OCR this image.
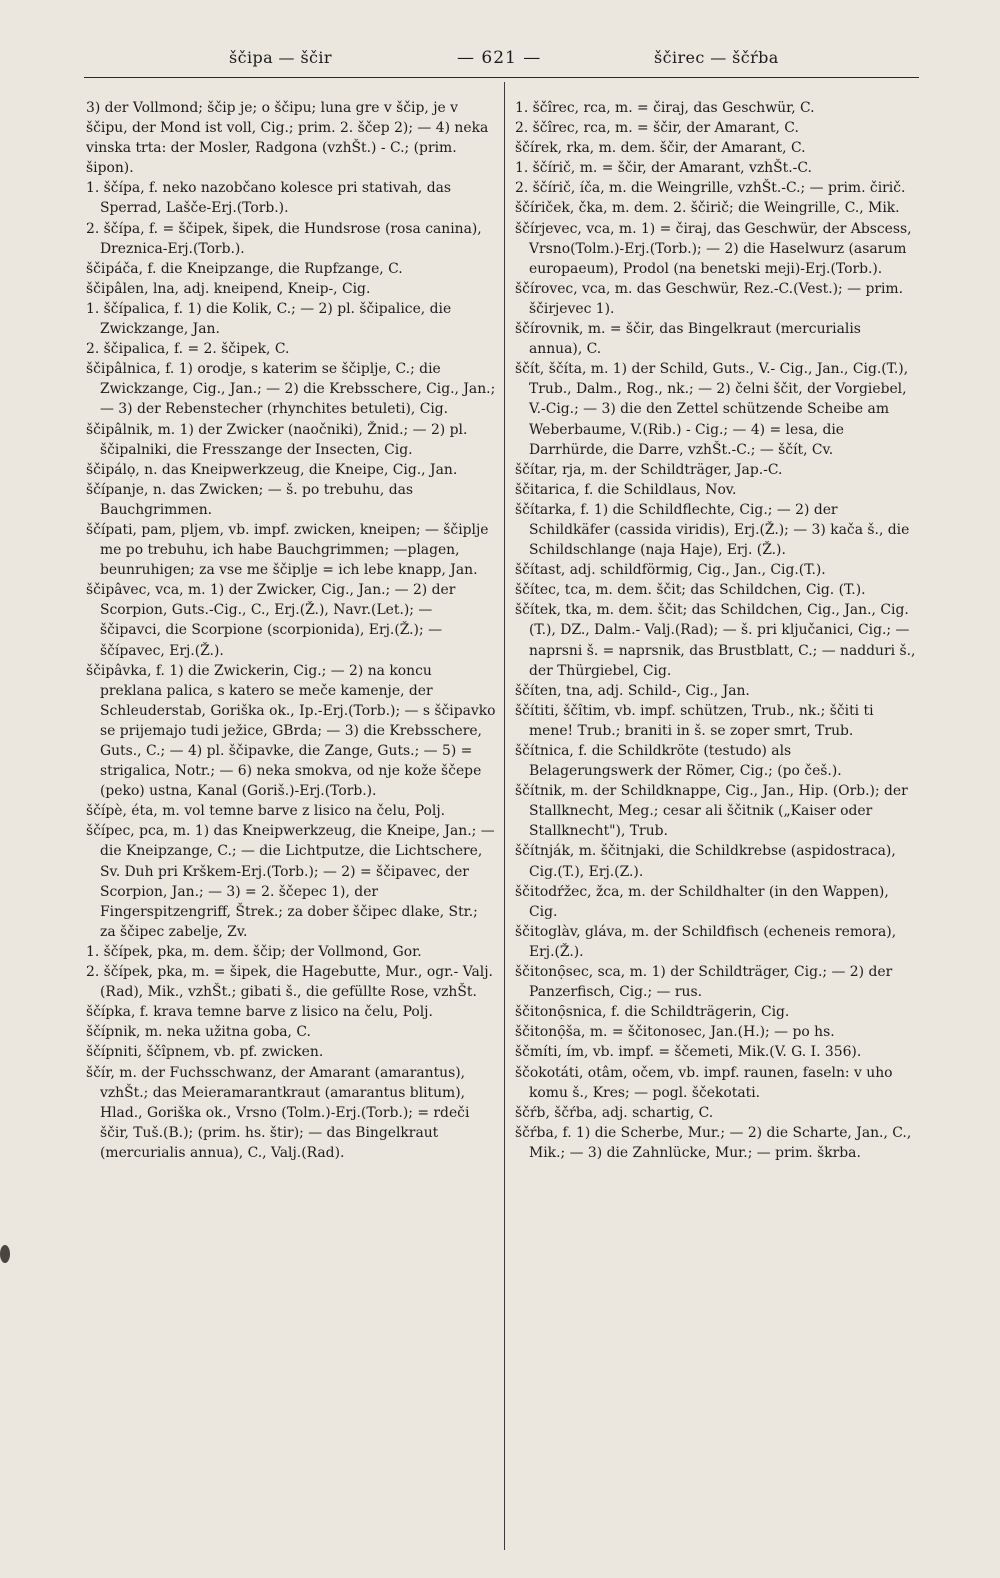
ščipa — ščir	— 621 —	ščirec — ščŕba

3) der Vollmond; ščip je; o ščipu; luna gre v ščip, je v ščipu, der Mond ist voll, Cig.; prim. 2. ščep 2); — 4) neka vinska trta: der Mosler, Radgona (vzhŠt.) - C.; (prim. šipon).

1. ščípa, f. neko nazobčano kolesce pri stativah, das Sperrad, Lašče-Erj.(Torb.).

2. ščípa, f. = ščipek, šipek, die Hundsrose (rosa canina), Dreznica-Erj.(Torb.).

ščipáča, f. die Kneipzange, die Rupfzange, C.

ščipâlen, lna, adj. kneipend, Kneip-, Cig.

1. ščípalica, f. 1) die Kolik, C.; — 2) pl. ščipalice, die Zwickzange, Jan.

2. ščipalica, f. = 2. ščipek, C.

ščipâlnica, f. 1) orodje, s katerim se ščiplje, C.; die Zwickzange, Cig., Jan.; — 2) die Krebsschere, Cig., Jan.; — 3) der Rebenstecher (rhynchites betuleti), Cig.

ščipâlnik, m. 1) der Zwicker (naočniki), Žnid.; — 2) pl. ščipalniki, die Fresszange der Insecten, Cig.

ščipálọ, n. das Kneipwerkzeug, die Kneipe, Cig., Jan.

ščípanje, n. das Zwicken; — š. po trebuhu, das Bauchgrimmen.

ščípati, pam, pljem, vb. impf. zwicken, kneipen; — ščiplje me po trebuhu, ich habe Bauchgrimmen; —plagen, beunruhigen; za vse me ščiplje = ich lebe knapp, Jan.

ščipâvec, vca, m. 1) der Zwicker, Cig., Jan.; — 2) der Scorpion, Guts.-Cig., C., Erj.(Ž.), Navr.(Let.); — ščipavci, die Scorpione (scorpionida), Erj.(Ž.); — ščípavec, Erj.(Ž.).

ščipâvka, f. 1) die Zwickerin, Cig.; — 2) na koncu preklana palica, s katero se meče kamenje, der Schleuderstab, Goriška ok., Ip.-Erj.(Torb.); — s ščipavko se prijemajo tudi ježice, GBrda; — 3) die Krebsschere, Guts., C.; — 4) pl. ščipavke, die Zange, Guts.; — 5) = strigalica, Notr.; — 6) neka smokva, od nje kože ščepe (peko) ustna, Kanal (Goriš.)-Erj.(Torb.).

ščípè, éta, m. vol temne barve z lisico na čelu, Polj.

ščípec, pca, m. 1) das Kneipwerkzeug, die Kneipe, Jan.; — die Kneipzange, C.; — die Lichtputze, die Lichtschere, Sv. Duh pri Krškem-Erj.(Torb.); — 2) = ščipavec, der Scorpion, Jan.; — 3) = 2. ščepec 1), der Fingerspitzengriff, Štrek.; za dober ščipec dlake, Str.; za ščipec zabelje, Zv.

1. ščípek, pka, m. dem. ščip; der Vollmond, Gor.

2. ščípek, pka, m. = šipek, die Hagebutte, Mur., ogr.- Valj.(Rad), Mik., vzhŠt.; gibati š., die gefüllte Rose, vzhŠt.

ščípka, f. krava temne barve z lisico na čelu, Polj.

ščípnik, m. neka užitna goba, C.

ščípniti, ščîpnem, vb. pf. zwicken.

ščír, m. der Fuchsschwanz, der Amarant (amarantus), vzhŠt.; das Meieramarantkraut (amarantus blitum), Hlad., Goriška ok., Vrsno (Tolm.)-Erj.(Torb.); = rdeči ščir, Tuš.(B.); (prim. hs. štir); — das Bingelkraut (mercurialis annua), C., Valj.(Rad).

1. ščîrec, rca, m. = čiraj, das Geschwür, C.

2. ščîrec, rca, m. = ščir, der Amarant, C.

ščírek, rka, m. dem. ščir, der Amarant, C.

1. ščírič, m. = ščir, der Amarant, vzhŠt.-C.

2. ščírič, íča, m. die Weingrille, vzhŠt.-C.; — prim. čirič.

ščíriček, čka, m. dem. 2. ščirič; die Weingrille, C., Mik.

ščírjevec, vca, m. 1) = čiraj, das Geschwür, der Abscess, Vrsno(Tolm.)-Erj.(Torb.); — 2) die Haselwurz (asarum europaeum), Prodol (na benetski meji)-Erj.(Torb.).

ščírovec, vca, m. das Geschwür, Rez.-C.(Vest.); — prim. ščirjevec 1).

ščírovnik, m. = ščir, das Bingelkraut (mercurialis annua), C.

ščít, ščíta, m. 1) der Schild, Guts., V.- Cig., Jan., Cig.(T.), Trub., Dalm., Rog., nk.; — 2) čelni ščit, der Vorgiebel, V.-Cig.; — 3) die den Zettel schützende Scheibe am Weberbaume, V.(Rib.) - Cig.; — 4) = lesa, die Darrhürde, die Darre, vzhŠt.-C.; — ščít, Cv.

ščítar, rja, m. der Schildträger, Jap.-C.

ščitarica, f. die Schildlaus, Nov.

ščítarka, f. 1) die Schildflechte, Cig.; — 2) der Schildkäfer (cassida viridis), Erj.(Ž.); — 3) kača š., die Schildschlange (naja Haje), Erj. (Ž.).

ščítast, adj. schildförmig, Cig., Jan., Cig.(T.).

ščítec, tca, m. dem. ščit; das Schildchen, Cig. (T.).

ščítek, tka, m. dem. ščit; das Schildchen, Cig., Jan., Cig.(T.), DZ., Dalm.- Valj.(Rad); — š. pri ključanici, Cig.; — naprsni š. = naprsnik, das Brustblatt, C.; — nadduri š., der Thürgiebel, Cig.

ščíten, tna, adj. Schild-, Cig., Jan.

ščítiti, ščîtim, vb. impf. schützen, Trub., nk.; ščiti ti mene! Trub.; braniti in š. se zoper smrt, Trub.

ščítnica, f. die Schildkröte (testudo) als Belagerungswerk der Römer, Cig.; (po češ.).

ščítnik, m. der Schildknappe, Cig., Jan., Hip. (Orb.); der Stallknecht, Meg.; cesar ali ščitnik („Kaiser oder Stallknecht"), Trub.

ščítnják, m. ščitnjaki, die Schildkrebse (aspidostraca), Cig.(T.), Erj.(Z.).

ščitodŕžec, žca, m. der Schildhalter (in den Wappen), Cig.

ščitoglàv, gláva, m. der Schildfisch (echeneis remora), Erj.(Ž.).

ščitonọ̑sec, sca, m. 1) der Schildträger, Cig.; — 2) der Panzerfisch, Cig.; — rus.

ščitonọ̑snica, f. die Schildträgerin, Cig.

ščitonọ̑ša, m. = ščitonosec, Jan.(H.); — po hs.

ščmíti, ím, vb. impf. = ščemeti, Mik.(V. G. I. 356).

ščokotáti, otâm, očem, vb. impf. raunen, faseln: v uho komu š., Kres; — pogl. ščekotati.

ščŕb, ščŕba, adj. schartig, C.

ščŕba, f. 1) die Scherbe, Mur.; — 2) die Scharte, Jan., C., Mik.; — 3) die Zahnlücke, Mur.; — prim. škrba.
